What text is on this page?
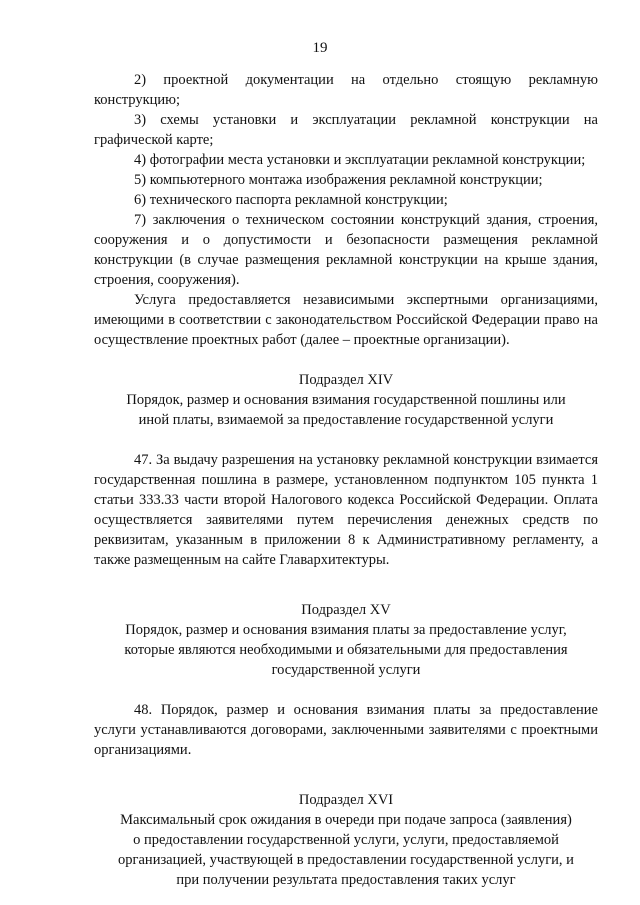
19

2) проектной документации на отдельно стоящую рекламную конструкцию;

3) схемы установки и эксплуатации рекламной конструкции на графической карте;

4) фотографии места установки и эксплуатации рекламной конструкции;

5) компьютерного монтажа изображения рекламной конструкции;

6) технического паспорта рекламной конструкции;

7) заключения о техническом состоянии конструкций здания, строения, сооружения и о допустимости и безопасности размещения рекламной конструкции (в случае размещения рекламной конструкции на крыше здания, строения, сооружения).

Услуга предоставляется независимыми экспертными организациями, имеющими в соответствии с законодательством Российской Федерации право на осуществление проектных работ (далее – проектные организации).

Подраздел XIV

Порядок, размер и основания взимания государственной пошлины или
иной платы, взимаемой за предоставление государственной услуги

47. За выдачу разрешения на установку рекламной конструкции взимается государственная пошлина в размере, установленном подпунктом 105 пункта 1 статьи 333.33 части второй Налогового кодекса Российской Федерации. Оплата осуществляется заявителями путем перечисления денежных средств по реквизитам, указанным в приложении 8 к Административному регламенту, а также размещенным на сайте Главархитектуры.

Подраздел XV

Порядок, размер и основания взимания платы за предоставление услуг,
которые являются необходимыми и обязательными для предоставления
государственной услуги

48. Порядок, размер и основания взимания платы за предоставление услуги устанавливаются договорами, заключенными заявителями с проектными организациями.

Подраздел XVI

Максимальный срок ожидания в очереди при подаче запроса (заявления)
о предоставлении государственной услуги, услуги, предоставляемой
организацией, участвующей в предоставлении государственной услуги, и
при получении результата предоставления таких услуг
